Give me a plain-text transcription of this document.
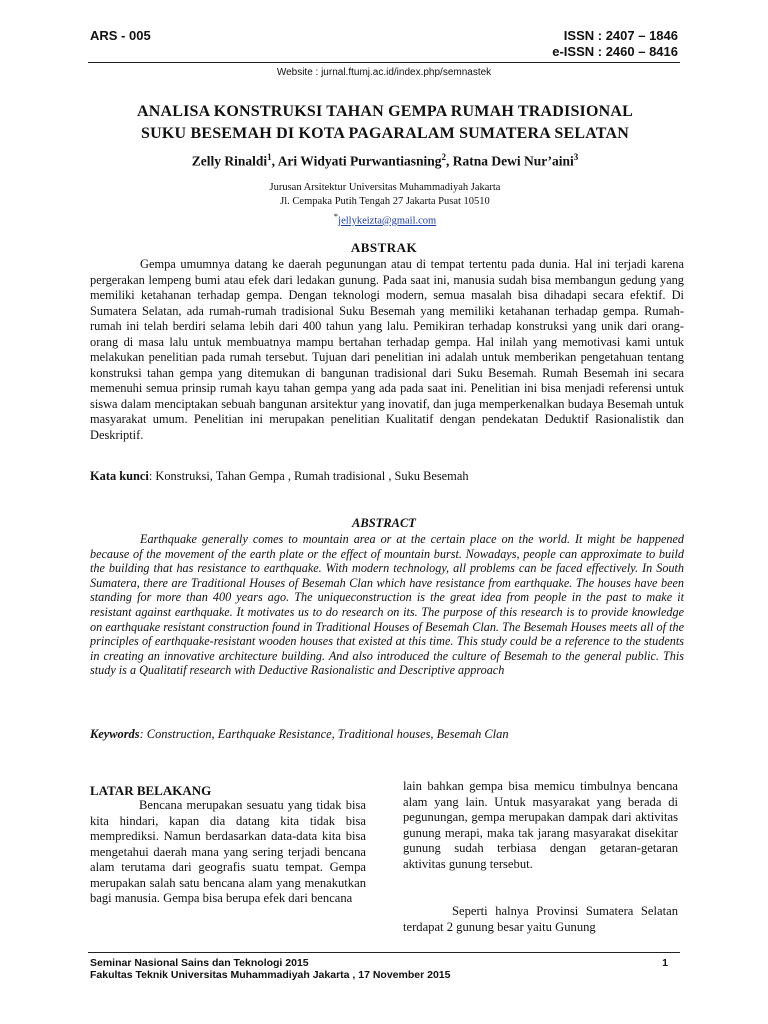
ARS - 005	ISSN : 2407 – 1846
e-ISSN : 2460 – 8416
Website : jurnal.ftumj.ac.id/index.php/semnastek
ANALISA KONSTRUKSI TAHAN GEMPA RUMAH TRADISIONAL
SUKU BESEMAH DI KOTA PAGARALAM SUMATERA SELATAN
Zelly Rinaldi$^1$, Ari Widyati Purwantiasning$^2$, Ratna Dewi Nur’aini$^3$
Jurusan Arsitektur Universitas Muhammadiyah Jakarta
Jl. Cempaka Putih Tengah 27 Jakarta Pusat 10510
*jellykeizta@gmail.com
ABSTRAK

Gempa umumnya datang ke daerah pegunungan atau di tempat tertentu pada dunia. Hal ini terjadi karena pergerakan lempeng bumi atau efek dari ledakan gunung. Pada saat ini, manusia sudah bisa membangun gedung yang memiliki ketahanan terhadap gempa. Dengan teknologi modern, semua masalah bisa dihadapi secara efektif. Di Sumatera Selatan, ada rumah-rumah tradisional Suku Besemah yang memiliki ketahanan terhadap gempa. Rumah-rumah ini telah berdiri selama lebih dari 400 tahun yang lalu. Pemikiran terhadap konstruksi yang unik dari orang-orang di masa lalu untuk membuatnya mampu bertahan terhadap gempa. Hal inilah yang memotivasi kami untuk melakukan penelitian pada rumah tersebut. Tujuan dari penelitian ini adalah untuk memberikan pengetahuan tentang konstruksi tahan gempa yang ditemukan di bangunan tradisional dari Suku Besemah. Rumah Besemah ini secara memenuhi semua prinsip rumah kayu tahan gempa yang ada pada saat ini. Penelitian ini bisa menjadi referensi untuk siswa dalam menciptakan sebuah bangunan arsitektur yang inovatif, dan juga memperkenalkan budaya Besemah untuk masyarakat umum. Penelitian ini merupakan penelitian Kualitatif dengan pendekatan Deduktif Rasionalistik dan Deskriptif.

Kata kunci: Konstruksi, Tahan Gempa , Rumah tradisional , Suku Besemah
ABSTRACT

Earthquake generally comes to mountain area or at the certain place on the world. It might be happened because of the movement of the earth plate or the effect of mountain burst. Nowadays, people can approximate to build the building that has resistance to earthquake. With modern technology, all problems can be faced effectively. In South Sumatera, there are Traditional Houses of Besemah Clan which have resistance from earthquake. The houses have been standing for more than 400 years ago. The uniqueconstruction is the great idea from people in the past to make it resistant against earthquake. It motivates us to do research on its. The purpose of this research is to provide knowledge on earthquake resistant construction found in Traditional Houses of Besemah Clan. The Besemah Houses meets all of the principles of earthquake-resistant wooden houses that existed at this time. This study could be a reference to the students in creating an innovative architecture building. And also introduced the culture of Besemah to the general public. This study is a Qualitatif research with Deductive Rasionalistic and Descriptive approach

Keywords: Construction, Earthquake Resistance, Traditional houses, Besemah Clan
LATAR BELAKANG

Bencana merupakan sesuatu yang tidak bisa kita hindari, kapan dia datang kita tidak bisa memprediksi. Namun berdasarkan data-data kita bisa mengetahui daerah mana yang sering terjadi bencana alam terutama dari geografis suatu tempat. Gempa merupakan salah satu bencana alam yang menakutkan bagi manusia. Gempa bisa berupa efek dari bencana

lain bahkan gempa bisa memicu timbulnya bencana alam yang lain. Untuk masyarakat yang berada di pegunungan, gempa merupakan dampak dari aktivitas gunung merapi, maka tak jarang masyarakat disekitar gunung sudah terbiasa dengan getaran-getaran aktivitas gunung tersebut.

Seperti halnya Provinsi Sumatera Selatan terdapat 2 gunung besar yaitu Gunung

Seminar Nasional Sains dan Teknologi 2015
Fakultas Teknik Universitas Muhammadiyah Jakarta , 17 November 2015
1
